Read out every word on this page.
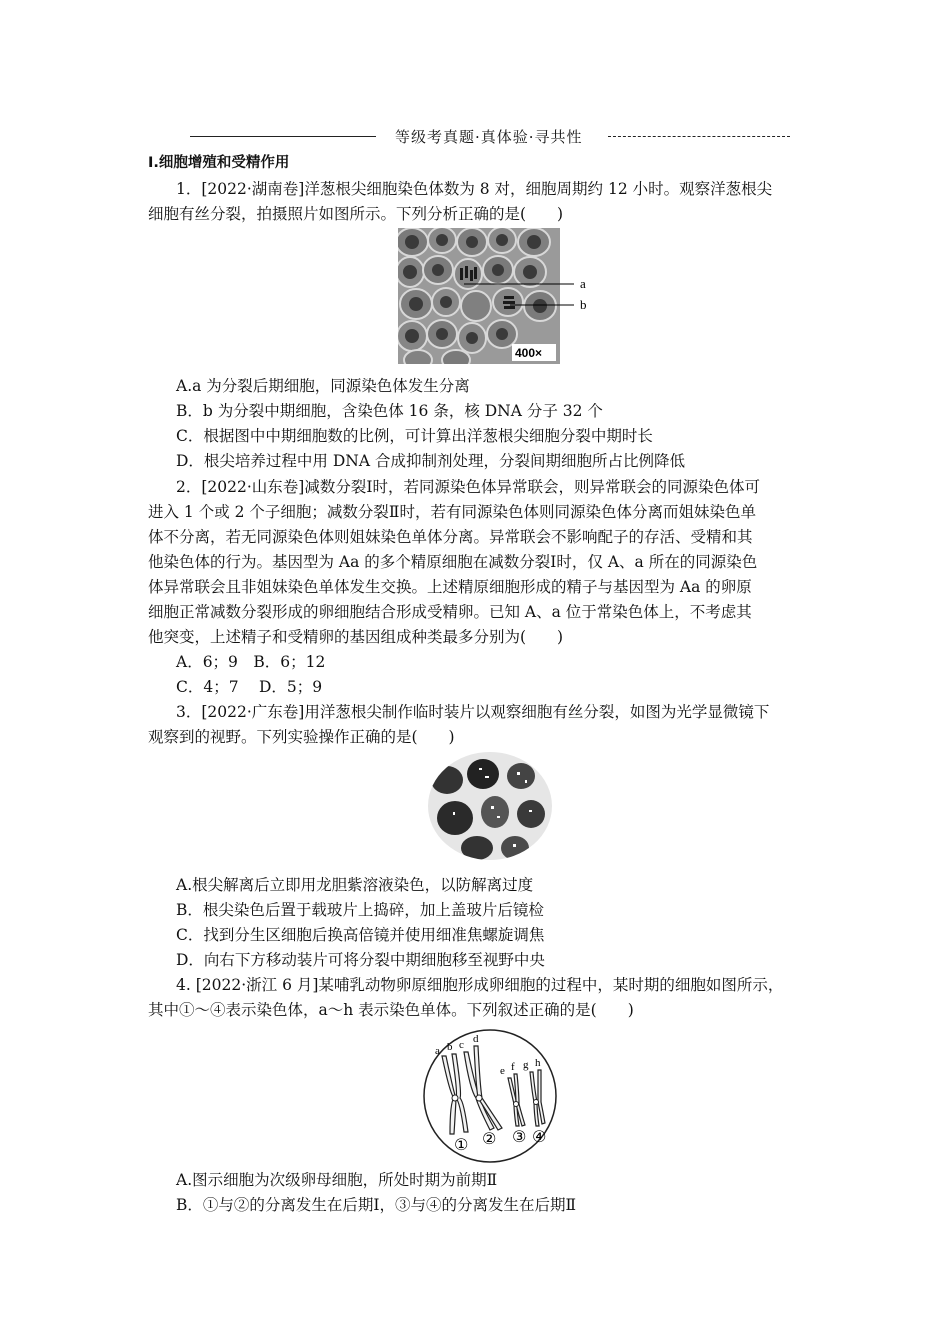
等级考真题·真体验·寻共性
Ⅰ.细胞增殖和受精作用
1．[2022·湖南卷]洋葱根尖细胞染色体数为 8 对，细胞周期约 12 小时。观察洋葱根尖
细胞有丝分裂，拍摄照片如图所示。下列分析正确的是(　　)
a
b
400×
A.a 为分裂后期细胞，同源染色体发生分离
B．b 为分裂中期细胞，含染色体 16 条，核 DNA 分子 32 个
C．根据图中中期细胞数的比例，可计算出洋葱根尖细胞分裂中期时长
D．根尖培养过程中用 DNA 合成抑制剂处理，分裂间期细胞所占比例降低
2．[2022·山东卷]减数分裂Ⅰ时，若同源染色体异常联会，则异常联会的同源染色体可
进入 1 个或 2 个子细胞；减数分裂Ⅱ时，若有同源染色体则同源染色体分离而姐妹染色单
体不分离，若无同源染色体则姐妹染色单体分离。异常联会不影响配子的存活、受精和其
他染色体的行为。基因型为 Aa 的多个精原细胞在减数分裂Ⅰ时，仅 A、a 所在的同源染色
体异常联会且非姐妹染色单体发生交换。上述精原细胞形成的精子与基因型为 Aa 的卵原
细胞正常减数分裂形成的卵细胞结合形成受精卵。已知 A、a 位于常染色体上，不考虑其
他突变，上述精子和受精卵的基因组成种类最多分别为(　　)
A．6；9　B．6；12
C．4；7　 D．5；9
3．[2022·广东卷]用洋葱根尖制作临时装片以观察细胞有丝分裂，如图为光学显微镜下
观察到的视野。下列实验操作正确的是(　　)
A.根尖解离后立即用龙胆紫溶液染色，以防解离过度
B．根尖染色后置于载玻片上捣碎，加上盖玻片后镜检
C．找到分生区细胞后换高倍镜并使用细准焦螺旋调焦
D．向右下方移动装片可将分裂中期细胞移至视野中央
4. [2022·浙江 6 月]某哺乳动物卵原细胞形成卵细胞的过程中，某时期的细胞如图所示，
其中①～④表示染色体，a～h 表示染色单体。下列叙述正确的是(　　)
a b c d
e f g h
① ② ③ ④
A.图示细胞为次级卵母细胞，所处时期为前期Ⅱ
B．①与②的分离发生在后期Ⅰ，③与④的分离发生在后期Ⅱ
